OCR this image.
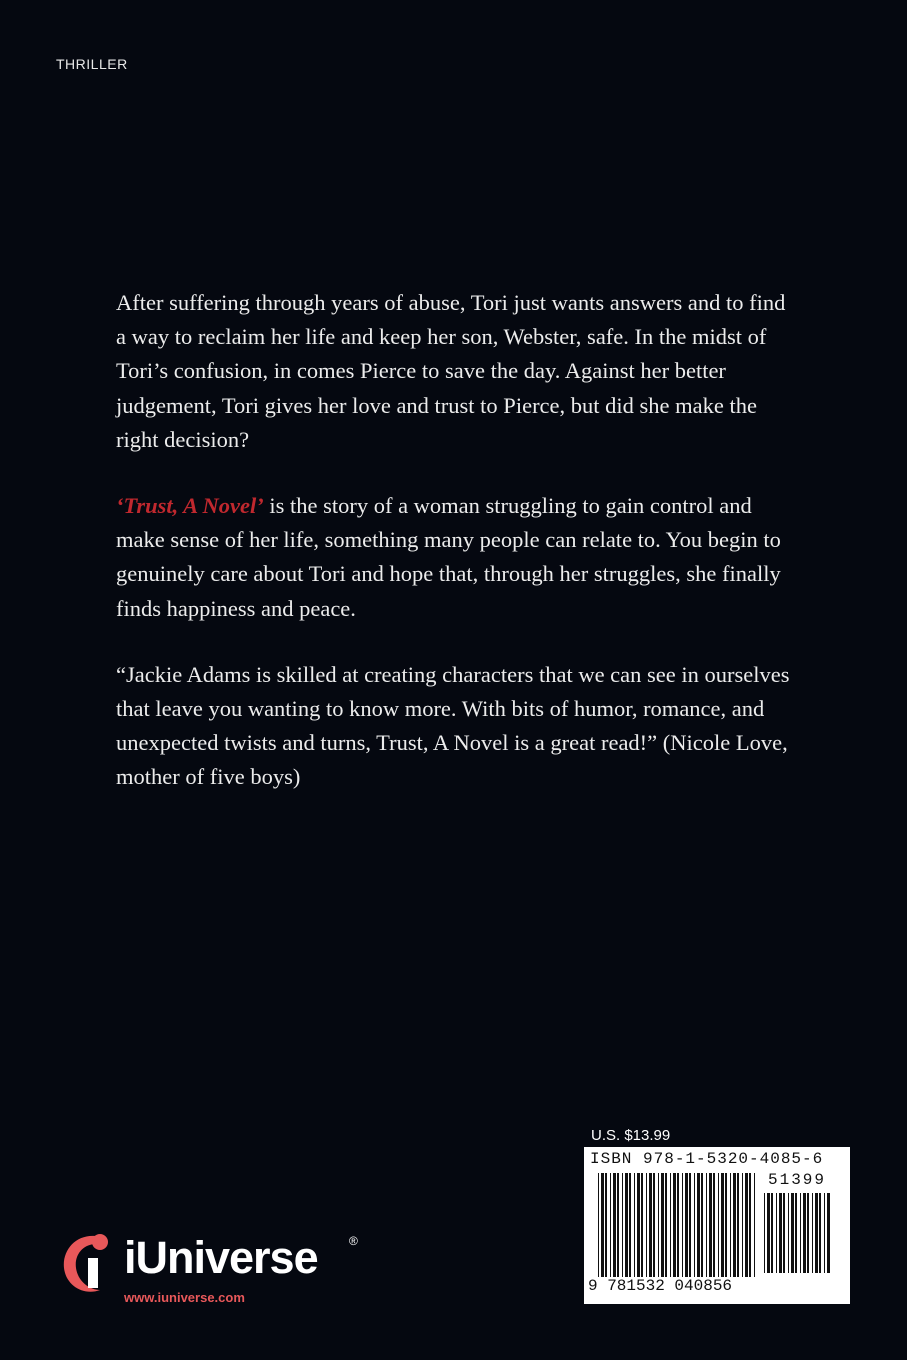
THRILLER

After suffering through years of abuse, Tori just wants answers and to find a way to reclaim her life and keep her son, Webster, safe. In the midst of Tori’s confusion, in comes Pierce to save the day. Against her better judgement, Tori gives her love and trust to Pierce, but did she make the right decision?

‘Trust, A Novel’ is the story of a woman struggling to gain control and make sense of her life, something many people can relate to. You begin to genuinely care about Tori and hope that, through her struggles, she finally finds happiness and peace.

“Jackie Adams is skilled at creating characters that we can see in ourselves that leave you wanting to know more. With bits of humor, romance, and unexpected twists and turns, Trust, A Novel is a great read!” (Nicole Love, mother of five boys)

U.S. $13.99
ISBN 978-1-5320-4085-6
51399
9 781532 040856
iUniverse	®
www.iuniverse.com
